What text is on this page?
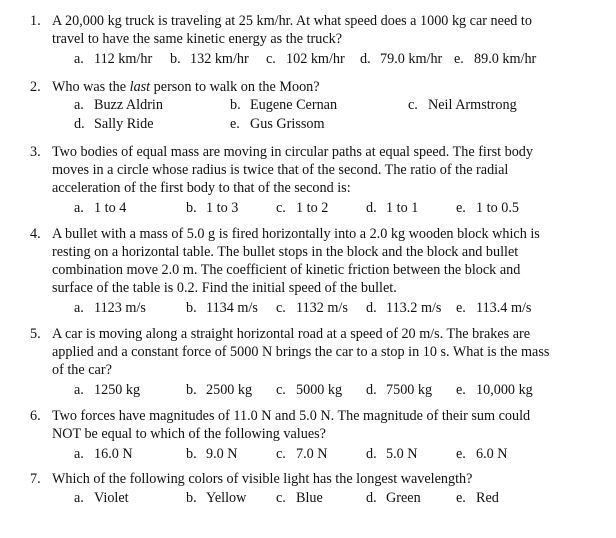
1. A 20,000 kg truck is traveling at 25 km/hr. At what speed does a 1000 kg car need to
travel to have the same kinetic energy as the truck?
a. 112 km/hr b. 132 km/hr c. 102 km/hr d. 79.0 km/hr e. 89.0 km/hr
2. Who was the last person to walk on the Moon?
a. Buzz Aldrin	b. Eugene Cernan	c. Neil Armstrong
d. Sally Ride	e. Gus Grissom
3. Two bodies of equal mass are moving in circular paths at equal speed. The first body
moves in a circle whose radius is twice that of the second. The ratio of the radial
acceleration of the first body to that of the second is:
a. 1 to 4	b. 1 to 3	c. 1 to 2	d. 1 to 1	e. 1 to 0.5
4. A bullet with a mass of 5.0 g is fired horizontally into a 2.0 kg wooden block which is
resting on a horizontal table. The bullet stops in the block and the block and bullet
combination move 2.0 m. The coefficient of kinetic friction between the block and
surface of the table is 0.2. Find the initial speed of the bullet.
a. 1123 m/s	b. 1134 m/s c. 1132 m/s d. 113.2 m/s e. 113.4 m/s
5. A car is moving along a straight horizontal road at a speed of 20 m/s. The brakes are
applied and a constant force of 5000 N brings the car to a stop in 10 s. What is the mass
of the car?
a. 1250 kg	b. 2500 kg c. 5000 kg d. 7500 kg e. 10,000 kg
6. Two forces have magnitudes of 11.0 N and 5.0 N. The magnitude of their sum could
NOT be equal to which of the following values?
a. 16.0 N	b. 9.0 N	c. 7.0 N	d. 5.0 N	e. 6.0 N
7. Which of the following colors of visible light has the longest wavelength?
a. Violet	b. Yellow c. Blue	d. Green e. Red
